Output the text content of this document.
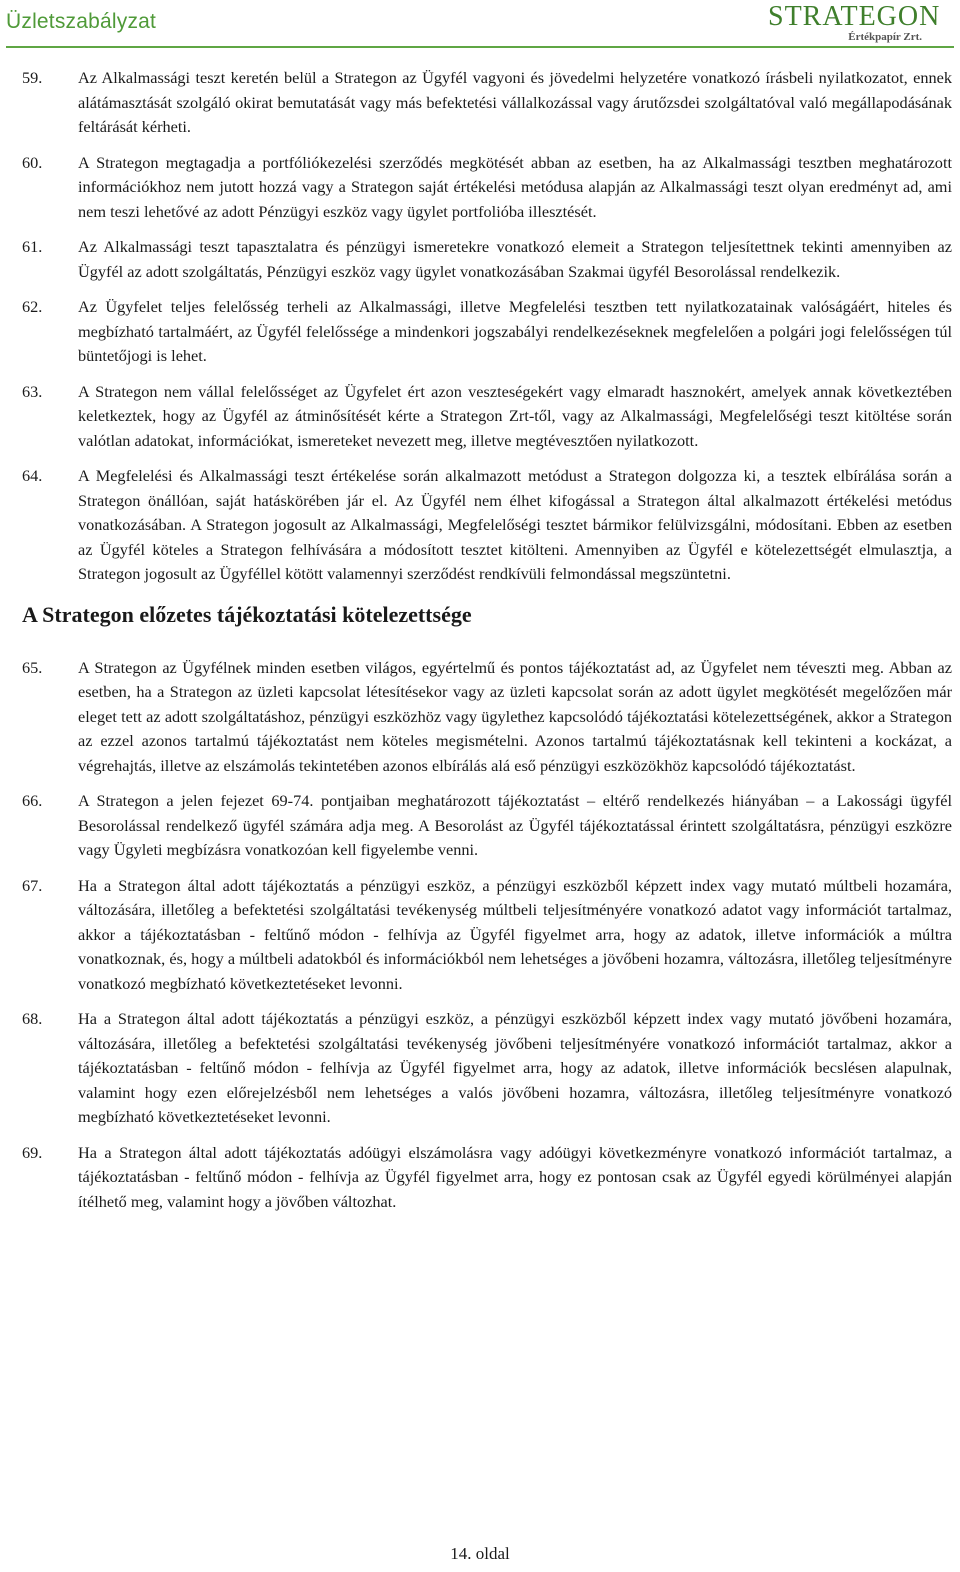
Üzletszabályzat	STRATEGON
Értékpapír Zrt.
59.	Az Alkalmassági teszt keretén belül a Strategon az Ügyfél vagyoni és jövedelmi helyzetére vonatkozó írásbeli nyilatkozatot, ennek alátámasztását szolgáló okirat bemutatását vagy más befektetési vállalkozással vagy árutőzsdei szolgáltatóval való megállapodásának feltárását kérheti.
60.	A Strategon megtagadja a portfóliókezelési szerződés megkötését abban az esetben, ha az Alkalmassági tesztben meghatározott információkhoz nem jutott hozzá vagy a Strategon saját értékelési metódusa alapján az Alkalmassági teszt olyan eredményt ad, ami nem teszi lehetővé az adott Pénzügyi eszköz vagy ügylet portfolióba illesztését.
61.	Az Alkalmassági teszt tapasztalatra és pénzügyi ismeretekre vonatkozó elemeit a Strategon teljesítettnek tekinti amennyiben az Ügyfél az adott szolgáltatás, Pénzügyi eszköz vagy ügylet vonatkozásában Szakmai ügyfél Besorolással rendelkezik.
62.	Az Ügyfelet teljes felelősség terheli az Alkalmassági, illetve Megfelelési tesztben tett nyilatkozatainak valóságáért, hiteles és megbízható tartalmáért, az Ügyfél felelőssége a mindenkori jogszabályi rendelkezéseknek megfelelően a polgári jogi felelősségen túl büntetőjogi is lehet.
63.	A Strategon nem vállal felelősséget az Ügyfelet ért azon veszteségekért vagy elmaradt hasznokért, amelyek annak következtében keletkeztek, hogy az Ügyfél az átminősítését kérte a Strategon Zrt-től, vagy az Alkalmassági, Megfelelőségi teszt kitöltése során valótlan adatokat, információkat, ismereteket nevezett meg, illetve megtévesztően nyilatkozott.
64.	A Megfelelési és Alkalmassági teszt értékelése során alkalmazott metódust a Strategon dolgozza ki, a tesztek elbírálása során a Strategon önállóan, saját hatáskörében jár el. Az Ügyfél nem élhet kifogással a Strategon által alkalmazott értékelési metódus vonatkozásában. A Strategon jogosult az Alkalmassági, Megfelelőségi tesztet bármikor felülvizsgálni, módosítani. Ebben az esetben az Ügyfél köteles a Strategon felhívására a módosított tesztet kitölteni. Amennyiben az Ügyfél e kötelezettségét elmulasztja, a Strategon jogosult az Ügyféllel kötött valamennyi szerződést rendkívüli felmondással megszüntetni.
A Strategon előzetes tájékoztatási kötelezettsége
65.	A Strategon az Ügyfélnek minden esetben világos, egyértelmű és pontos tájékoztatást ad, az Ügyfelet nem téveszti meg. Abban az esetben, ha a Strategon az üzleti kapcsolat létesítésekor vagy az üzleti kapcsolat során az adott ügylet megkötését megelőzően már eleget tett az adott szolgáltatáshoz, pénzügyi eszközhöz vagy ügylethez kapcsolódó tájékoztatási kötelezettségének, akkor a Strategon az ezzel azonos tartalmú tájékoztatást nem köteles megismételni. Azonos tartalmú tájékoztatásnak kell tekinteni a kockázat, a végrehajtás, illetve az elszámolás tekintetében azonos elbírálás alá eső pénzügyi eszközökhöz kapcsolódó tájékoztatást.
66.	A Strategon a jelen fejezet 69-74. pontjaiban meghatározott tájékoztatást – eltérő rendelkezés hiányában – a Lakossági ügyfél Besorolással rendelkező ügyfél számára adja meg. A Besorolást az Ügyfél tájékoztatással érintett szolgáltatásra, pénzügyi eszközre vagy Ügyleti megbízásra vonatkozóan kell figyelembe venni.
67.	Ha a Strategon által adott tájékoztatás a pénzügyi eszköz, a pénzügyi eszközből képzett index vagy mutató múltbeli hozamára, változására, illetőleg a befektetési szolgáltatási tevékenység múltbeli teljesítményére vonatkozó adatot vagy információt tartalmaz, akkor a tájékoztatásban - feltűnő módon - felhívja az Ügyfél figyelmet arra, hogy az adatok, illetve információk a múltra vonatkoznak, és, hogy a múltbeli adatokból és információkból nem lehetséges a jövőbeni hozamra, változásra, illetőleg teljesítményre vonatkozó megbízható következtetéseket levonni.
68.	Ha a Strategon által adott tájékoztatás a pénzügyi eszköz, a pénzügyi eszközből képzett index vagy mutató jövőbeni hozamára, változására, illetőleg a befektetési szolgáltatási tevékenység jövőbeni teljesítményére vonatkozó információt tartalmaz, akkor a tájékoztatásban - feltűnő módon - felhívja az Ügyfél figyelmet arra, hogy az adatok, illetve információk becslésen alapulnak, valamint hogy ezen előrejelzésből nem lehetséges a valós jövőbeni hozamra, változásra, illetőleg teljesítményre vonatkozó megbízható következtetéseket levonni.
69.	Ha a Strategon által adott tájékoztatás adóügyi elszámolásra vagy adóügyi következményre vonatkozó információt tartalmaz, a tájékoztatásban - feltűnő módon - felhívja az Ügyfél figyelmet arra, hogy ez pontosan csak az Ügyfél egyedi körülményei alapján ítélhető meg, valamint hogy a jövőben változhat.
14. oldal
